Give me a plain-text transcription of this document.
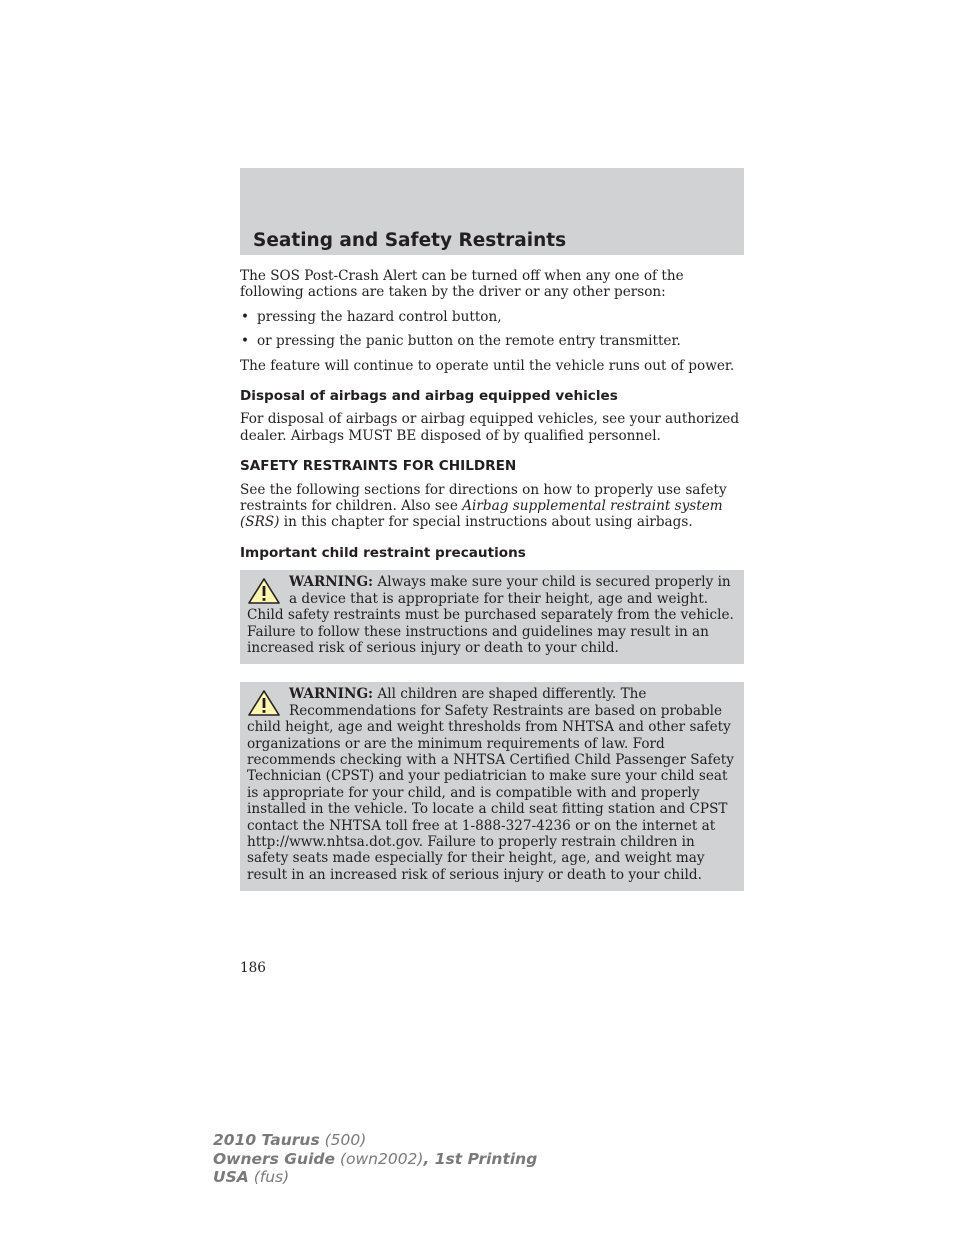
Seating and Safety Restraints

The SOS Post-Crash Alert can be turned off when any one of the following actions are taken by the driver or any other person:

• pressing the hazard control button,
• or pressing the panic button on the remote entry transmitter.

The feature will continue to operate until the vehicle runs out of power.

Disposal of airbags and airbag equipped vehicles

For disposal of airbags or airbag equipped vehicles, see your authorized dealer. Airbags MUST BE disposed of by qualified personnel.

SAFETY RESTRAINTS FOR CHILDREN

See the following sections for directions on how to properly use safety restraints for children. Also see Airbag supplemental restraint system (SRS) in this chapter for special instructions about using airbags.

Important child restraint precautions
WARNING: Always make sure your child is secured properly in a device that is appropriate for their height, age and weight. Child safety restraints must be purchased separately from the vehicle. Failure to follow these instructions and guidelines may result in an increased risk of serious injury or death to your child.
WARNING: All children are shaped differently. The Recommendations for Safety Restraints are based on probable child height, age and weight thresholds from NHTSA and other safety organizations or are the minimum requirements of law. Ford recommends checking with a NHTSA Certified Child Passenger Safety Technician (CPST) and your pediatrician to make sure your child seat is appropriate for your child, and is compatible with and properly installed in the vehicle. To locate a child seat fitting station and CPST contact the NHTSA toll free at 1-888-327-4236 or on the internet at http://www.nhtsa.dot.gov. Failure to properly restrain children in safety seats made especially for their height, age, and weight may result in an increased risk of serious injury or death to your child.
186
2010 Taurus (500)
Owners Guide (own2002), 1st Printing
USA (fus)
